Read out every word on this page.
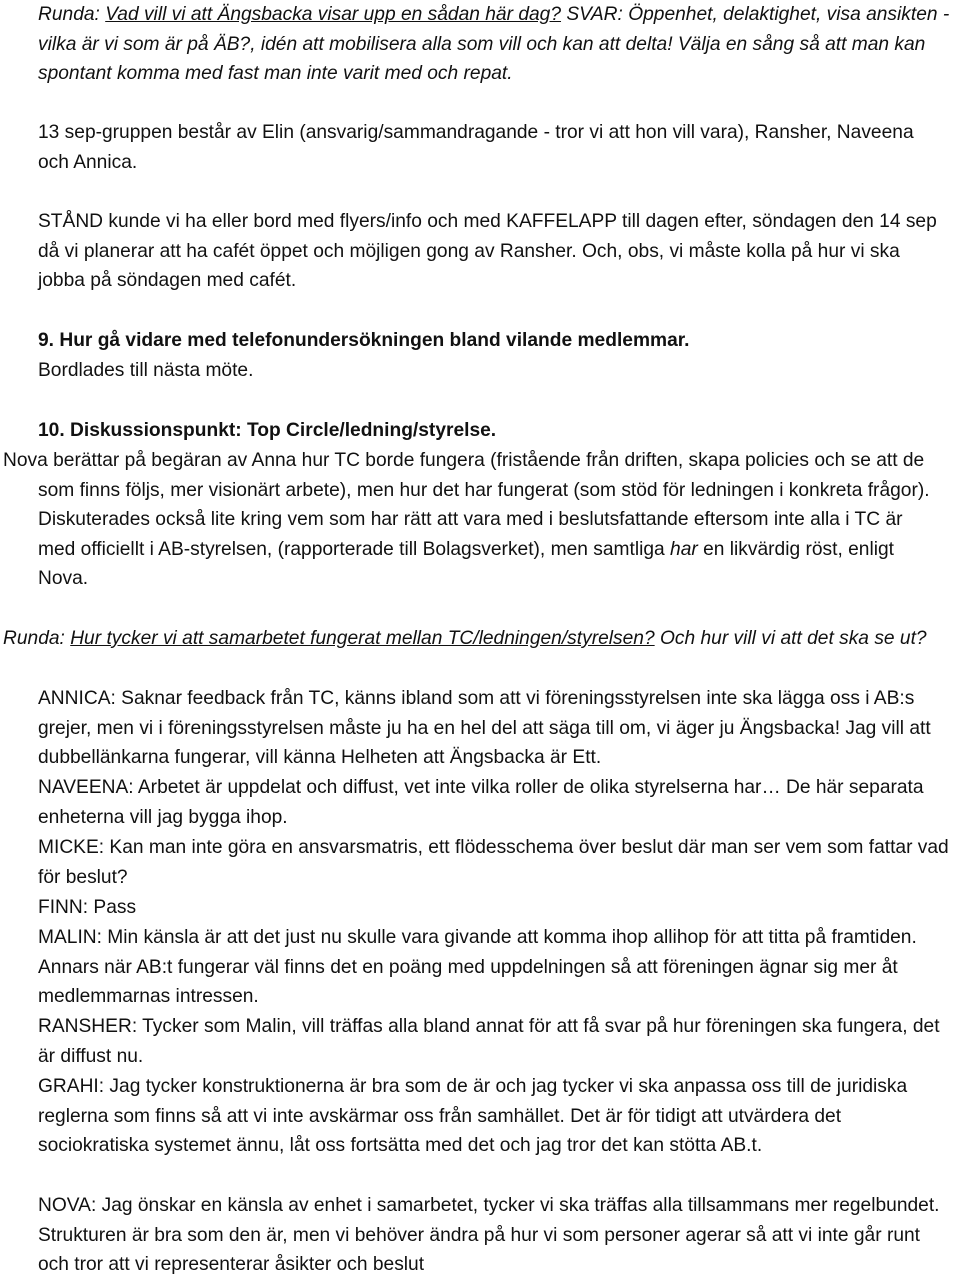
Runda: Vad vill vi att Ängsbacka visar upp en sådan här dag? SVAR: Öppenhet, delaktighet, visa ansikten - vilka är vi som är på ÄB?, idén att mobilisera alla som vill och kan att delta! Välja en sång så att man kan spontant komma med fast man inte varit med och repat.

13 sep-gruppen består av Elin (ansvarig/sammandragande - tror vi att hon vill vara), Ransher, Naveena och Annica.

STÅND kunde vi ha eller bord med flyers/info och med KAFFELAPP till dagen efter, söndagen den 14 sep då vi planerar att ha cafét öppet och möjligen gong av Ransher. Och, obs, vi måste kolla på hur vi ska jobba på söndagen med cafét.

9. Hur gå vidare med telefonundersökningen bland vilande medlemmar.

Bordlades till nästa möte.

10. Diskussionspunkt: Top Circle/ledning/styrelse.

Nova berättar på begäran av Anna hur TC borde fungera (fristående från driften, skapa policies och se att de som finns följs, mer visionärt arbete), men hur det har fungerat (som stöd för ledningen i konkreta frågor). Diskuterades också lite kring vem som har rätt att vara med i beslutsfattande eftersom inte alla i TC är med officiellt i AB-styrelsen, (rapporterade till Bolagsverket), men samtliga har en likvärdig röst, enligt Nova.

Runda: Hur tycker vi att samarbetet fungerat mellan TC/ledningen/styrelsen? Och hur vill vi att det ska se ut?

ANNICA: Saknar feedback från TC, känns ibland som att vi föreningsstyrelsen inte ska lägga oss i AB:s grejer, men vi i föreningsstyrelsen måste ju ha en hel del att säga till om, vi äger ju Ängsbacka! Jag vill att dubbellänkarna fungerar, vill känna Helheten att Ängsbacka är Ett.

NAVEENA: Arbetet är uppdelat och diffust, vet inte vilka roller de olika styrelserna har… De här separata enheterna vill jag bygga ihop.

MICKE: Kan man inte göra en ansvarsmatris, ett flödesschema över beslut där man ser vem som fattar vad för beslut?

FINN: Pass

MALIN: Min känsla är att det just nu skulle vara givande att komma ihop allihop för att titta på framtiden. Annars när AB:t fungerar väl finns det en poäng med uppdelningen så att föreningen ägnar sig mer åt medlemmarnas intressen.

RANSHER: Tycker som Malin, vill träffas alla bland annat för att få svar på hur föreningen ska fungera, det är diffust nu.

GRAHI: Jag tycker konstruktionerna är bra som de är och jag tycker vi ska anpassa oss till de juridiska reglerna som finns så att vi inte avskärmar oss från samhället. Det är för tidigt att utvärdera det sociokratiska systemet ännu, låt oss fortsätta med det och jag tror det kan stötta AB.t.

NOVA: Jag önskar en känsla av enhet i samarbetet, tycker vi ska träffas alla tillsammans mer regelbundet. Strukturen är bra som den är, men vi behöver ändra på hur vi som personer agerar så att vi inte går runt och tror att vi representerar åsikter och beslut
